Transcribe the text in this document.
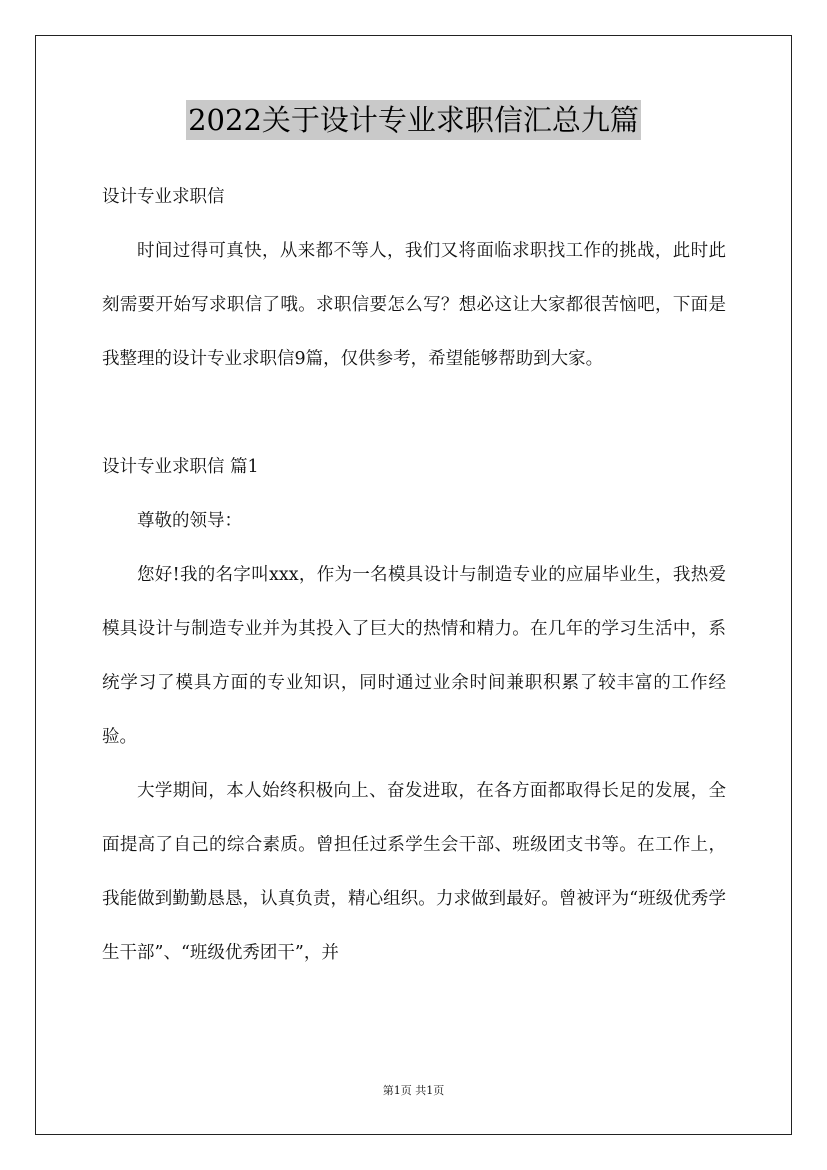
2022关于设计专业求职信汇总九篇

设计专业求职信

时间过得可真快，从来都不等人，我们又将面临求职找工作的挑战，此时此刻需要开始写求职信了哦。求职信要怎么写？想必这让大家都很苦恼吧，下面是我整理的设计专业求职信9篇，仅供参考，希望能够帮助到大家。

设计专业求职信 篇1

尊敬的领导：

您好!我的名字叫xxx，作为一名模具设计与制造专业的应届毕业生，我热爱模具设计与制造专业并为其投入了巨大的热情和精力。在几年的学习生活中，系统学习了模具方面的专业知识，同时通过业余时间兼职积累了较丰富的工作经验。

大学期间，本人始终积极向上、奋发进取，在各方面都取得长足的发展，全面提高了自己的综合素质。曾担任过系学生会干部、班级团支书等。在工作上，我能做到勤勤恳恳，认真负责，精心组织。力求做到最好。曾被评为“班级优秀学生干部”、“班级优秀团干”，并

第1页 共1页
